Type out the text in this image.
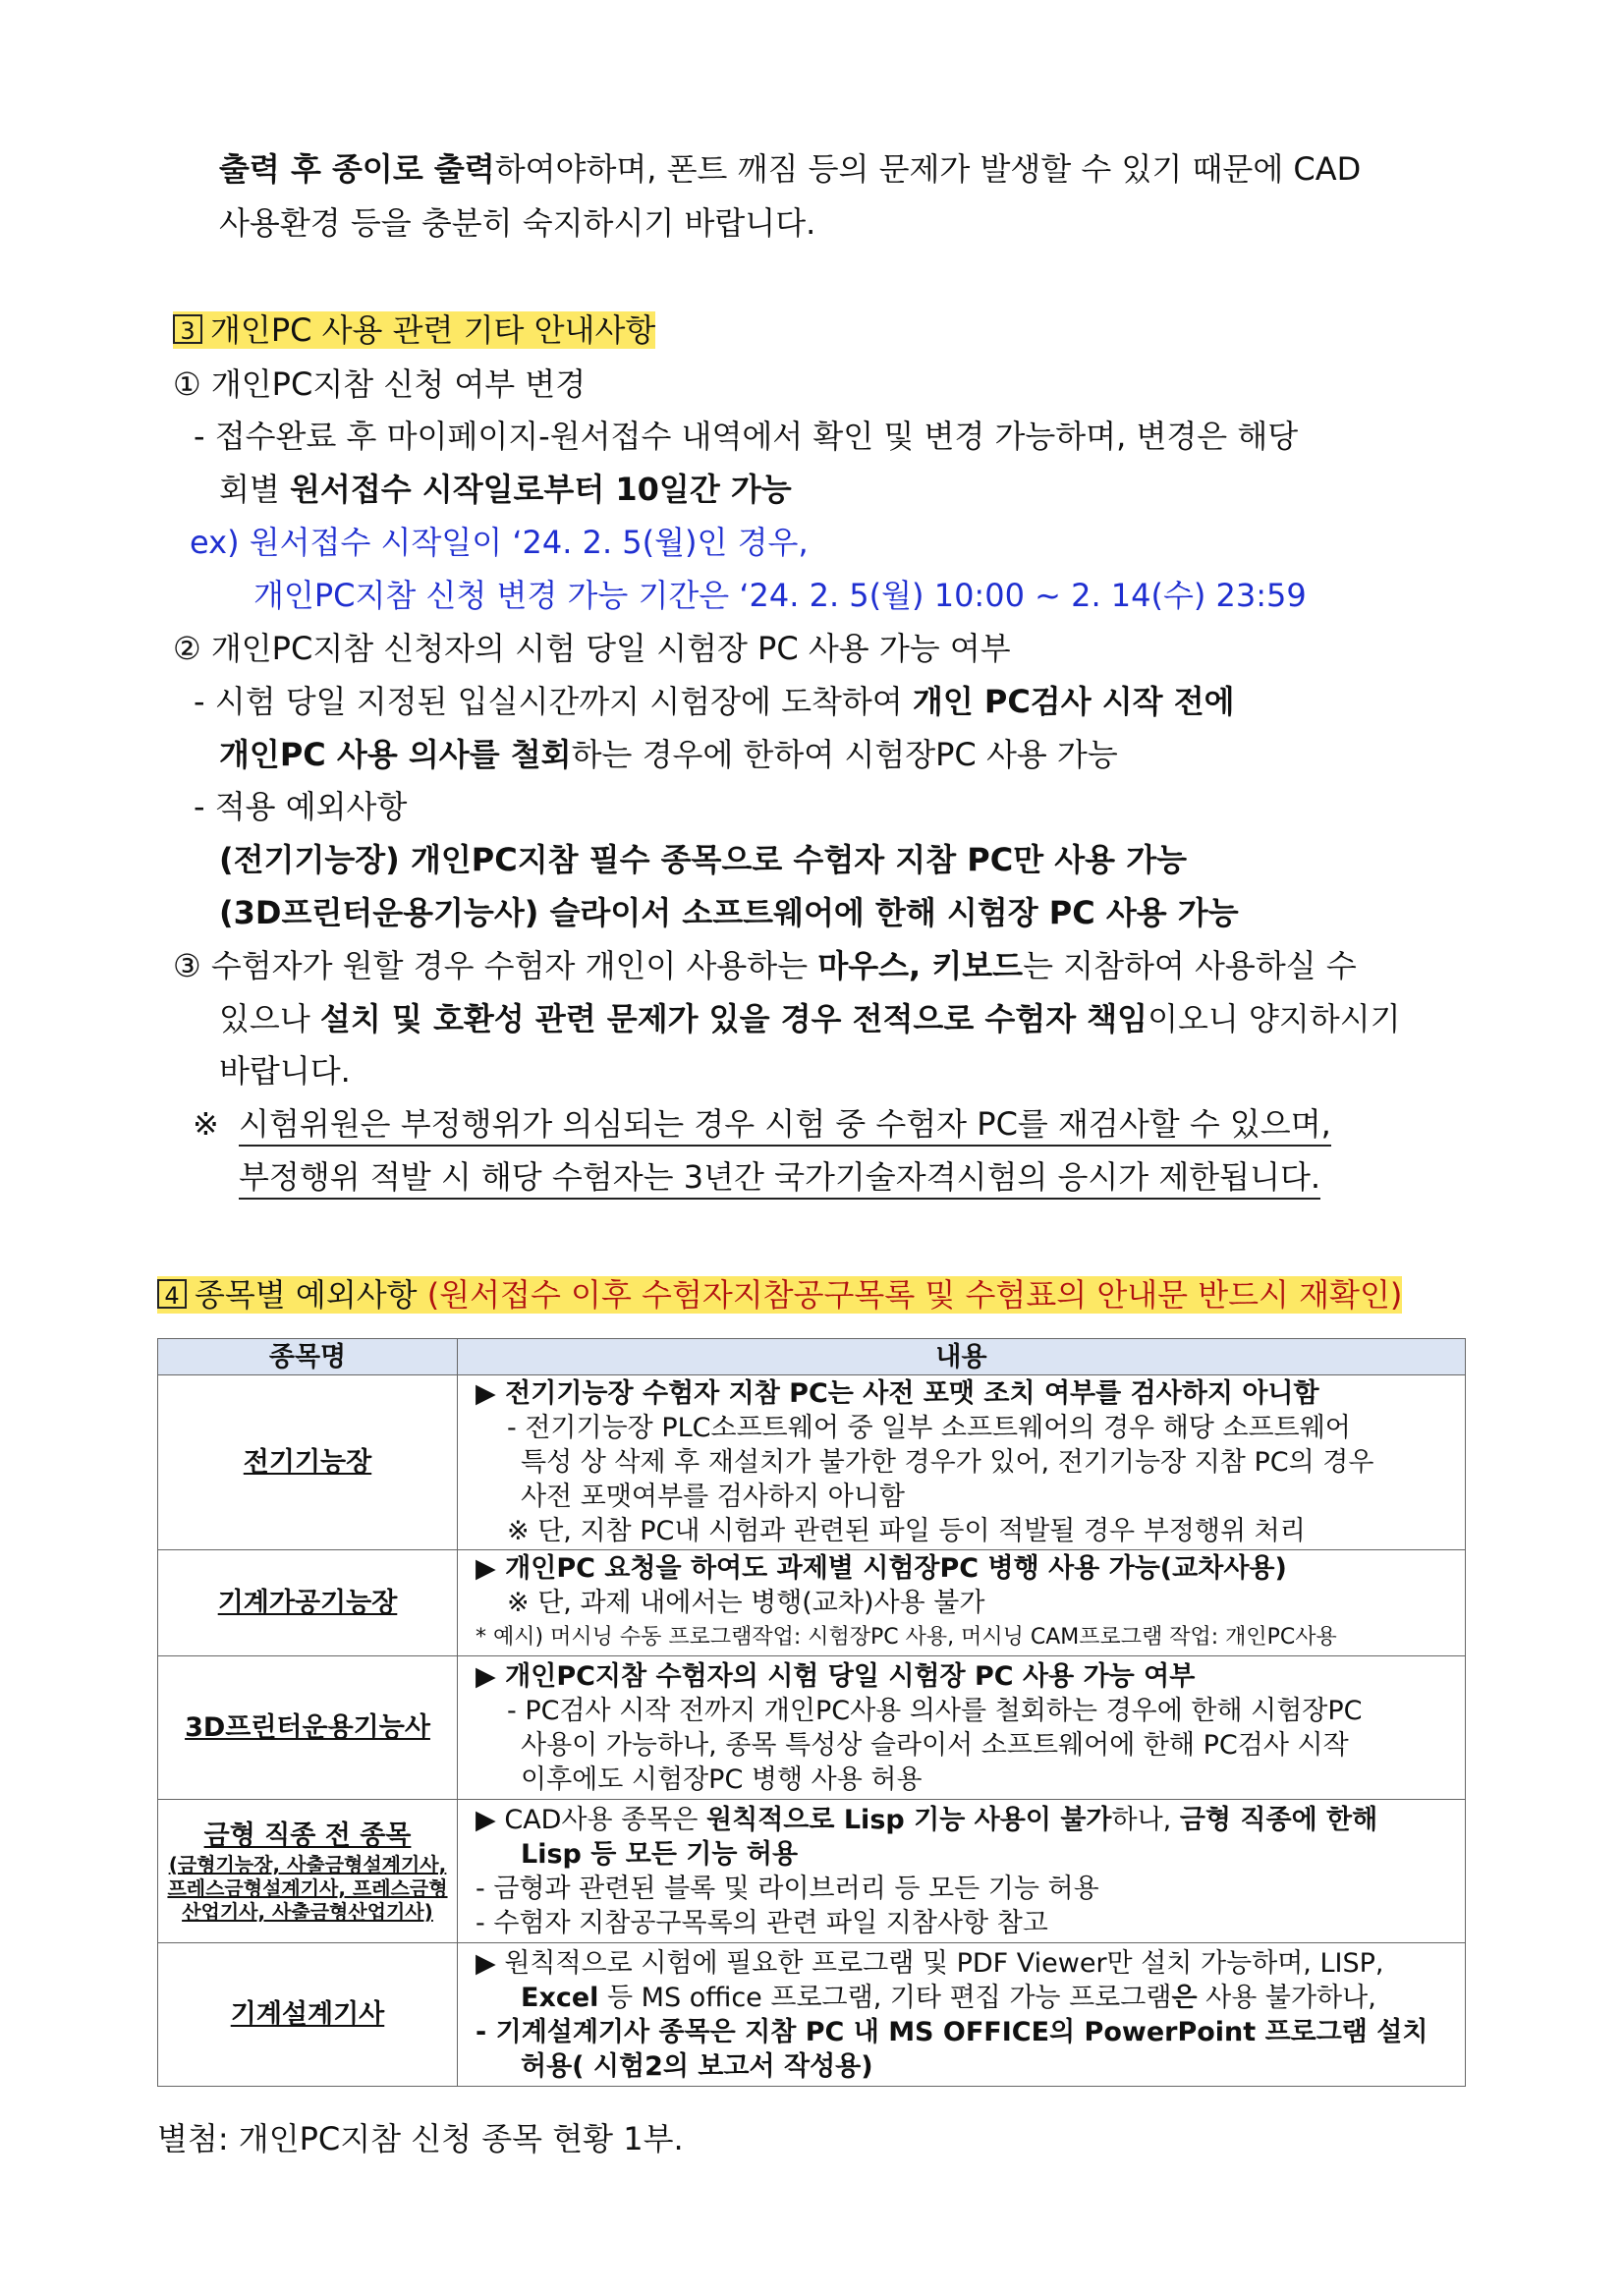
출력 후 종이로 출력하여야하며, 폰트 깨짐 등의 문제가 발생할 수 있기 때문에 CAD
사용환경 등을 충분히 숙지하시기 바랍니다.
3 개인PC 사용 관련 기타 안내사항
① 개인PC지참 신청 여부 변경
- 접수완료 후 마이페이지-원서접수 내역에서 확인 및 변경 가능하며, 변경은 해당
회별 원서접수 시작일로부터 10일간 가능
ex) 원서접수 시작일이 ‘24. 2. 5(월)인 경우,
개인PC지참 신청 변경 가능 기간은 ‘24. 2. 5(월) 10:00 ~ 2. 14(수) 23:59
② 개인PC지참 신청자의 시험 당일 시험장 PC 사용 가능 여부
- 시험 당일 지정된 입실시간까지 시험장에 도착하여 개인 PC검사 시작 전에
개인PC 사용 의사를 철회하는 경우에 한하여 시험장PC 사용 가능
- 적용 예외사항
(전기기능장) 개인PC지참 필수 종목으로 수험자 지참 PC만 사용 가능
(3D프린터운용기능사) 슬라이서 소프트웨어에 한해 시험장 PC 사용 가능
③ 수험자가 원할 경우 수험자 개인이 사용하는 마우스, 키보드는 지참하여 사용하실 수
있으나 설치 및 호환성 관련 문제가 있을 경우 전적으로 수험자 책임이오니 양지하시기
바랍니다.
※ 시험위원은 부정행위가 의심되는 경우 시험 중 수험자 PC를 재검사할 수 있으며,
부정행위 적발 시 해당 수험자는 3년간 국가기술자격시험의 응시가 제한됩니다.
4 종목별 예외사항 (원서접수 이후 수험자지참공구목록 및 수험표의 안내문 반드시 재확인)
종목명	내용
전기기능장	▶ 전기기능장 수험자 지참 PC는 사전 포맷 조치 여부를 검사하지 아니함
- 전기기능장 PLC소프트웨어 중 일부 소프트웨어의 경우 해당 소프트웨어
특성 상 삭제 후 재설치가 불가한 경우가 있어, 전기기능장 지참 PC의 경우
사전 포맷여부를 검사하지 아니함
※ 단, 지참 PC내 시험과 관련된 파일 등이 적발될 경우 부정행위 처리

기계가공기능장	▶ 개인PC 요청을 하여도 과제별 시험장PC 병행 사용 가능(교차사용)
※ 단, 과제 내에서는 병행(교차)사용 불가
* 예시) 머시닝 수동 프로그램작업: 시험장PC 사용, 머시닝 CAM프로그램 작업: 개인PC사용

3D프린터운용기능사	▶ 개인PC지참 수험자의 시험 당일 시험장 PC 사용 가능 여부
- PC검사 시작 전까지 개인PC사용 의사를 철회하는 경우에 한해 시험장PC
사용이 가능하나, 종목 특성상 슬라이서 소프트웨어에 한해 PC검사 시작
이후에도 시험장PC 병행 사용 허용

금형 직종 전 종목
(금형기능장, 사출금형설계기사, 프레스금형설계기사, 프레스금형산업기사, 사출금형산업기사)	▶ CAD사용 종목은 원칙적으로 Lisp 기능 사용이 불가하나, 금형 직종에 한해
Lisp 등 모든 기능 허용
- 금형과 관련된 블록 및 라이브러리 등 모든 기능 허용
- 수험자 지참공구목록의 관련 파일 지참사항 참고

기계설계기사	▶ 원칙적으로 시험에 필요한 프로그램 및 PDF Viewer만 설치 가능하며, LISP,
Excel 등 MS office 프로그램, 기타 편집 가능 프로그램은 사용 불가하나,
- 기계설계기사 종목은 지참 PC 내 MS OFFICE의 PowerPoint 프로그램 설치
허용( 시험2의 보고서 작성용)
별첨: 개인PC지참 신청 종목 현황 1부.
